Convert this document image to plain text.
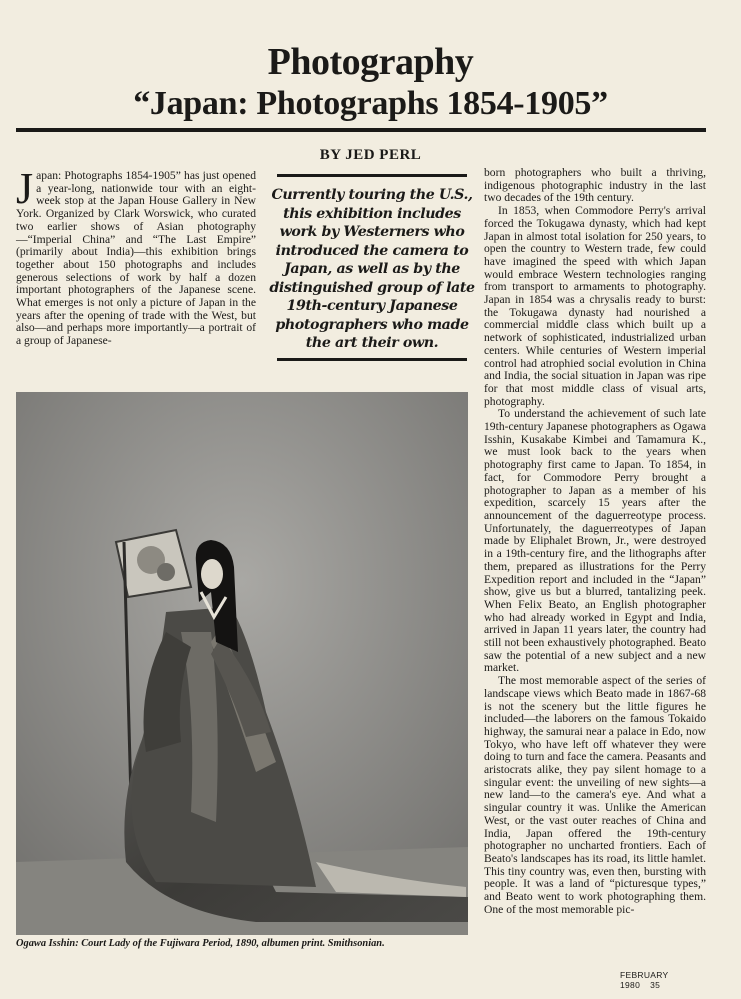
Photography
“Japan: Photographs 1854-1905”
BY JED PERL
Japan: Photographs 1854-1905” has just opened a year-long, nationwide tour with an eight-week stop at the Japan House Gallery in New York. Organized by Clark Worswick, who curated two earlier shows of Asian photography—“Imperial China” and “The Last Empire” (primarily about India)—this exhibition brings together about 150 photographs and includes generous selections of work by half a dozen important photographers of the Japanese scene. What emerges is not only a picture of Japan in the years after the opening of trade with the West, but also—and perhaps more importantly—a portrait of a group of Japanese-
Currently touring the U.S., this exhibition includes work by Westerners who introduced the camera to Japan, as well as by the distinguished group of late 19th-century Japanese photographers who made the art their own.

born photographers who built a thriving, indigenous photographic industry in the last two decades of the 19th century.

In 1853, when Commodore Perry's arrival forced the Tokugawa dynasty, which had kept Japan in almost total isolation for 250 years, to open the country to Western trade, few could have imagined the speed with which Japan would embrace Western technologies ranging from transport to armaments to photography. Japan in 1854 was a chrysalis ready to burst: the Tokugawa dynasty had nourished a commercial middle class which built up a network of sophisticated, industrialized urban centers. While centuries of Western imperial control had atrophied social evolution in China and India, the social situation in Japan was ripe for that most middle class of visual arts, photography.

To understand the achievement of such late 19th-century Japanese photographers as Ogawa Isshin, Kusakabe Kimbei and Tamamura K., we must look back to the years when photography first came to Japan. To 1854, in fact, for Commodore Perry brought a photographer to Japan as a member of his expedition, scarcely 15 years after the announcement of the daguerreotype process. Unfortunately, the daguerreotypes of Japan made by Eliphalet Brown, Jr., were destroyed in a 19th-century fire, and the lithographs after them, prepared as illustrations for the Perry Expedition report and included in the “Japan” show, give us but a blurred, tantalizing peek. When Felix Beato, an English photographer who had already worked in Egypt and India, arrived in Japan 11 years later, the country had still not been exhaustively photographed. Beato saw the potential of a new subject and a new market.

The most memorable aspect of the series of landscape views which Beato made in 1867-68 is not the scenery but the little figures he included—the laborers on the famous Tokaido highway, the samurai near a palace in Edo, now Tokyo, who have left off whatever they were doing to turn and face the camera. Peasants and aristocrats alike, they pay silent homage to a singular event: the unveiling of new sights—a new land—to the camera's eye. And what a singular country it was. Unlike the American West, or the vast outer reaches of China and India, Japan offered the 19th-century photographer no uncharted frontiers. Each of Beato's landscapes has its road, its little hamlet. This tiny country was, even then, bursting with people. It was a land of “picturesque types,” and Beato went to work photographing them. One of the most memorable pic-

Ogawa Isshin: Court Lady of the Fujiwara Period, 1890, albumen print. Smithsonian.
FEBRUARY 1980 35
